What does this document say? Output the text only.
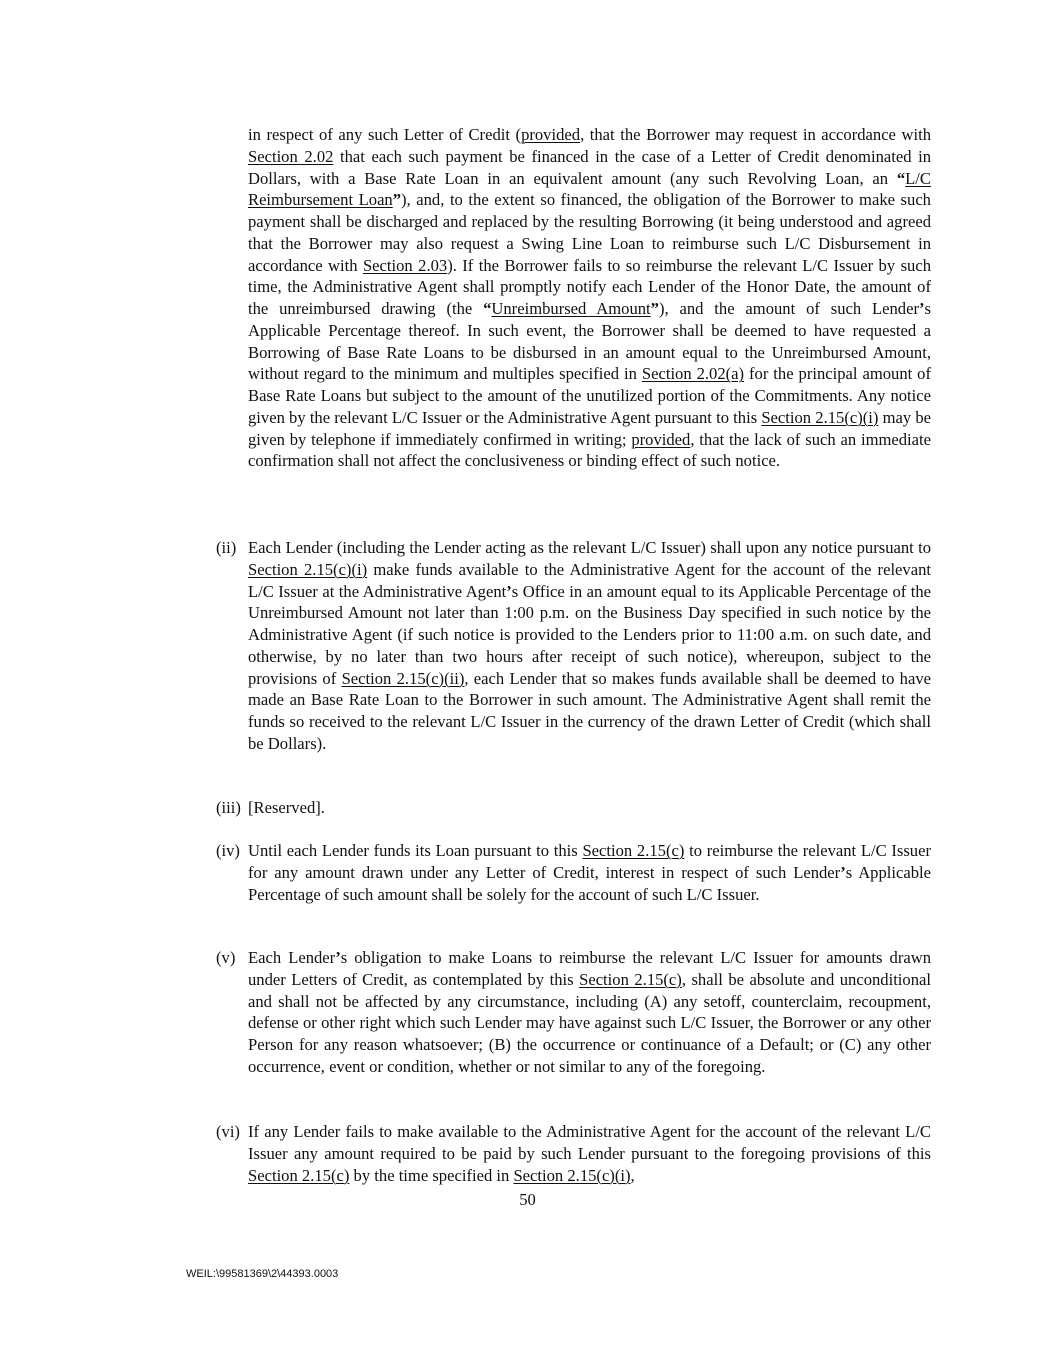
in respect of any such Letter of Credit (provided, that the Borrower may request in accordance with Section 2.02 that each such payment be financed in the case of a Letter of Credit denominated in Dollars, with a Base Rate Loan in an equivalent amount (any such Revolving Loan, an “L/C Reimbursement Loan”), and, to the extent so financed, the obligation of the Borrower to make such payment shall be discharged and replaced by the resulting Borrowing (it being understood and agreed that the Borrower may also request a Swing Line Loan to reimburse such L/C Disbursement in accordance with Section 2.03). If the Borrower fails to so reimburse the relevant L/C Issuer by such time, the Administrative Agent shall promptly notify each Lender of the Honor Date, the amount of the unreimbursed drawing (the “Unreimbursed Amount”), and the amount of such Lender’s Applicable Percentage thereof. In such event, the Borrower shall be deemed to have requested a Borrowing of Base Rate Loans to be disbursed in an amount equal to the Unreimbursed Amount, without regard to the minimum and multiples specified in Section 2.02(a) for the principal amount of Base Rate Loans but subject to the amount of the unutilized portion of the Commitments. Any notice given by the relevant L/C Issuer or the Administrative Agent pursuant to this Section 2.15(c)(i) may be given by telephone if immediately confirmed in writing; provided, that the lack of such an immediate confirmation shall not affect the conclusiveness or binding effect of such notice.
(ii) Each Lender (including the Lender acting as the relevant L/C Issuer) shall upon any notice pursuant to Section 2.15(c)(i) make funds available to the Administrative Agent for the account of the relevant L/C Issuer at the Administrative Agent’s Office in an amount equal to its Applicable Percentage of the Unreimbursed Amount not later than 1:00 p.m. on the Business Day specified in such notice by the Administrative Agent (if such notice is provided to the Lenders prior to 11:00 a.m. on such date, and otherwise, by no later than two hours after receipt of such notice), whereupon, subject to the provisions of Section 2.15(c)(ii), each Lender that so makes funds available shall be deemed to have made an Base Rate Loan to the Borrower in such amount. The Administrative Agent shall remit the funds so received to the relevant L/C Issuer in the currency of the drawn Letter of Credit (which shall be Dollars).
(iii) [Reserved].
(iv) Until each Lender funds its Loan pursuant to this Section 2.15(c) to reimburse the relevant L/C Issuer for any amount drawn under any Letter of Credit, interest in respect of such Lender’s Applicable Percentage of such amount shall be solely for the account of such L/C Issuer.
(v) Each Lender’s obligation to make Loans to reimburse the relevant L/C Issuer for amounts drawn under Letters of Credit, as contemplated by this Section 2.15(c), shall be absolute and unconditional and shall not be affected by any circumstance, including (A) any setoff, counterclaim, recoupment, defense or other right which such Lender may have against such L/C Issuer, the Borrower or any other Person for any reason whatsoever; (B) the occurrence or continuance of a Default; or (C) any other occurrence, event or condition, whether or not similar to any of the foregoing.
(vi) If any Lender fails to make available to the Administrative Agent for the account of the relevant L/C Issuer any amount required to be paid by such Lender pursuant to the foregoing provisions of this Section 2.15(c) by the time specified in Section 2.15(c)(i),
50
WEIL:\99581369\2\44393.0003
